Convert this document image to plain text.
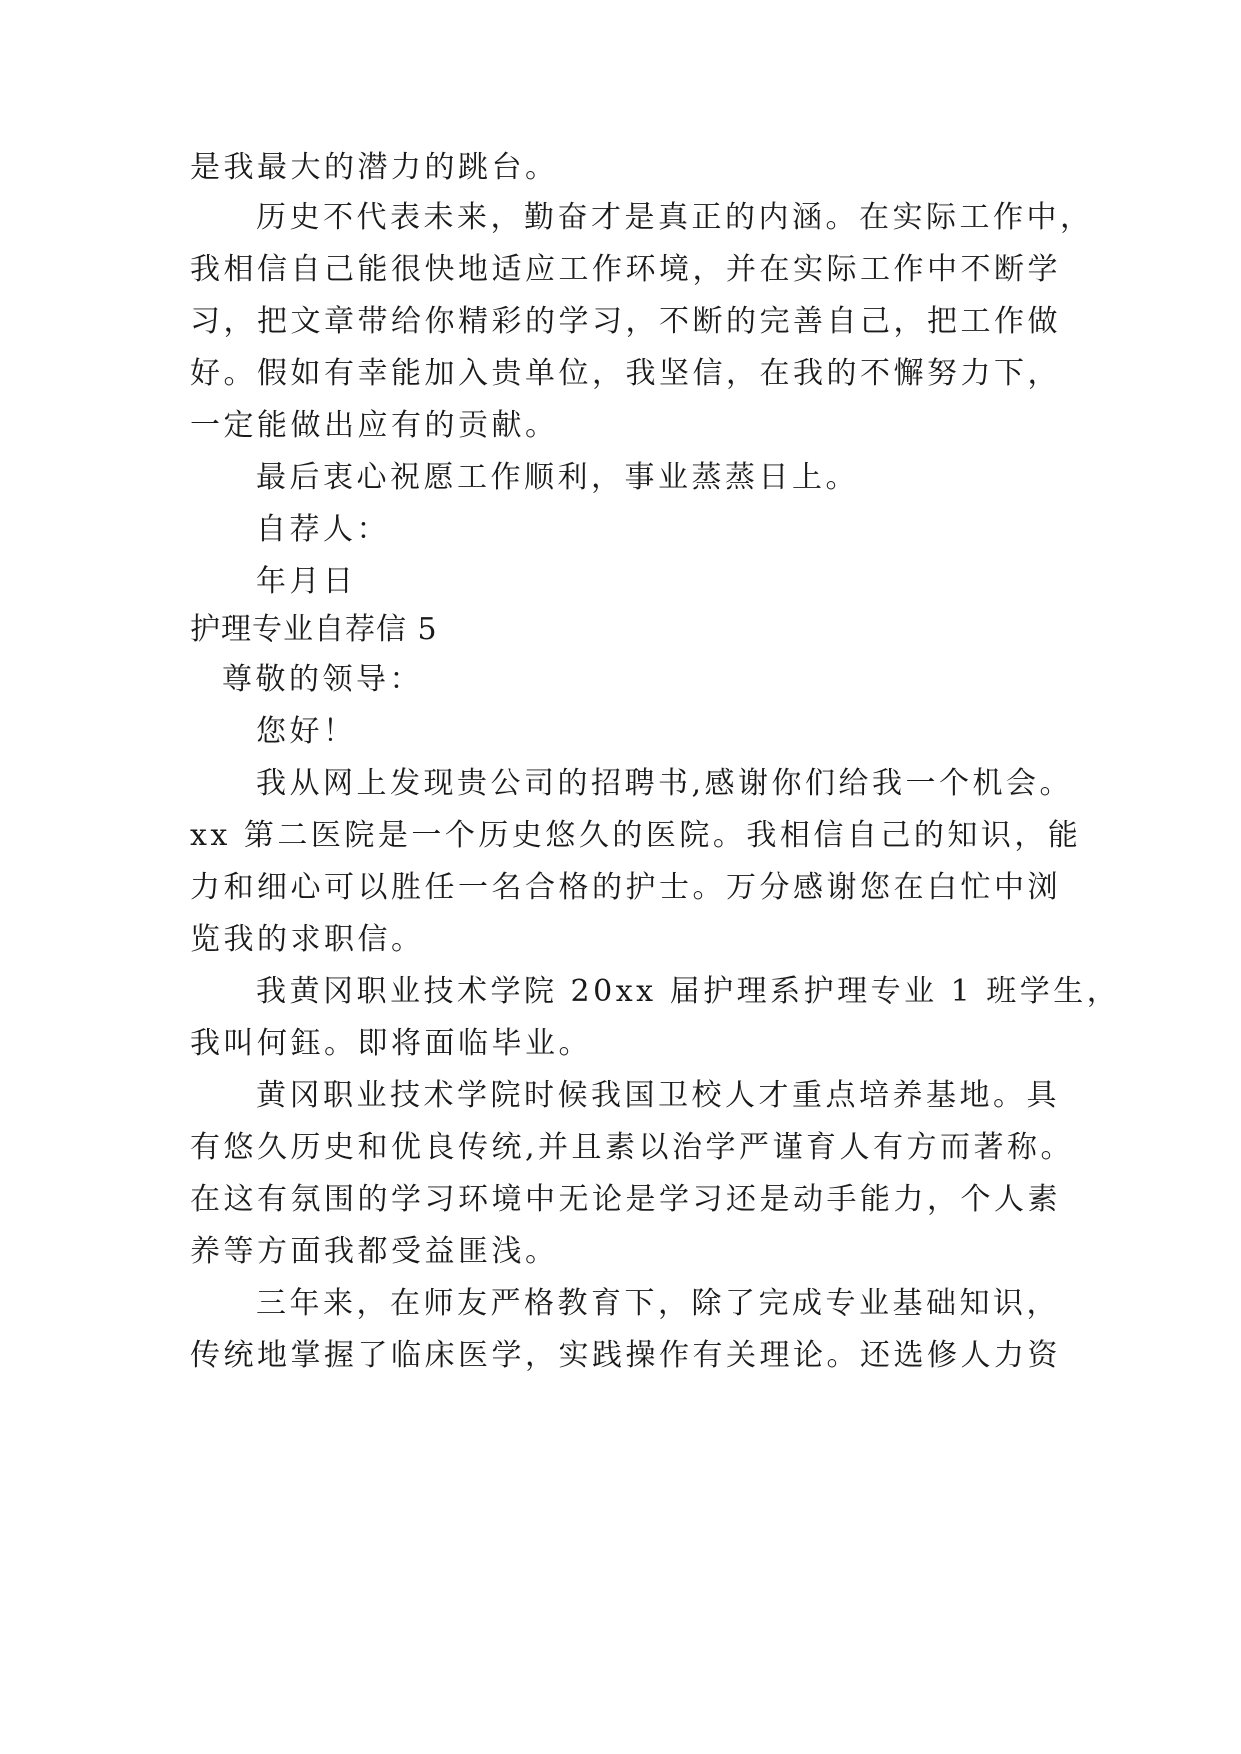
是我最大的潜力的跳台。

历史不代表未来，勤奋才是真正的内涵。在实际工作中，

我相信自己能很快地适应工作环境，并在实际工作中不断学

习，把文章带给你精彩的学习，不断的完善自己，把工作做

好。假如有幸能加入贵单位，我坚信，在我的不懈努力下，

一定能做出应有的贡献。

最后衷心祝愿工作顺利，事业蒸蒸日上。

自荐人：

年月日

护理专业自荐信 5

尊敬的领导：

您好！

我从网上发现贵公司的招聘书,感谢你们给我一个机会。

xx 第二医院是一个历史悠久的医院。我相信自己的知识，能

力和细心可以胜任一名合格的护士。万分感谢您在白忙中浏

览我的求职信。

我黄冈职业技术学院 20xx 届护理系护理专业 1 班学生，

我叫何鈺。即将面临毕业。

黄冈职业技术学院时候我国卫校人才重点培养基地。具

有悠久历史和优良传统,并且素以治学严谨育人有方而著称。

在这有氛围的学习环境中无论是学习还是动手能力，个人素

养等方面我都受益匪浅。

三年来，在师友严格教育下，除了完成专业基础知识，

传统地掌握了临床医学，实践操作有关理论。还选修人力资
